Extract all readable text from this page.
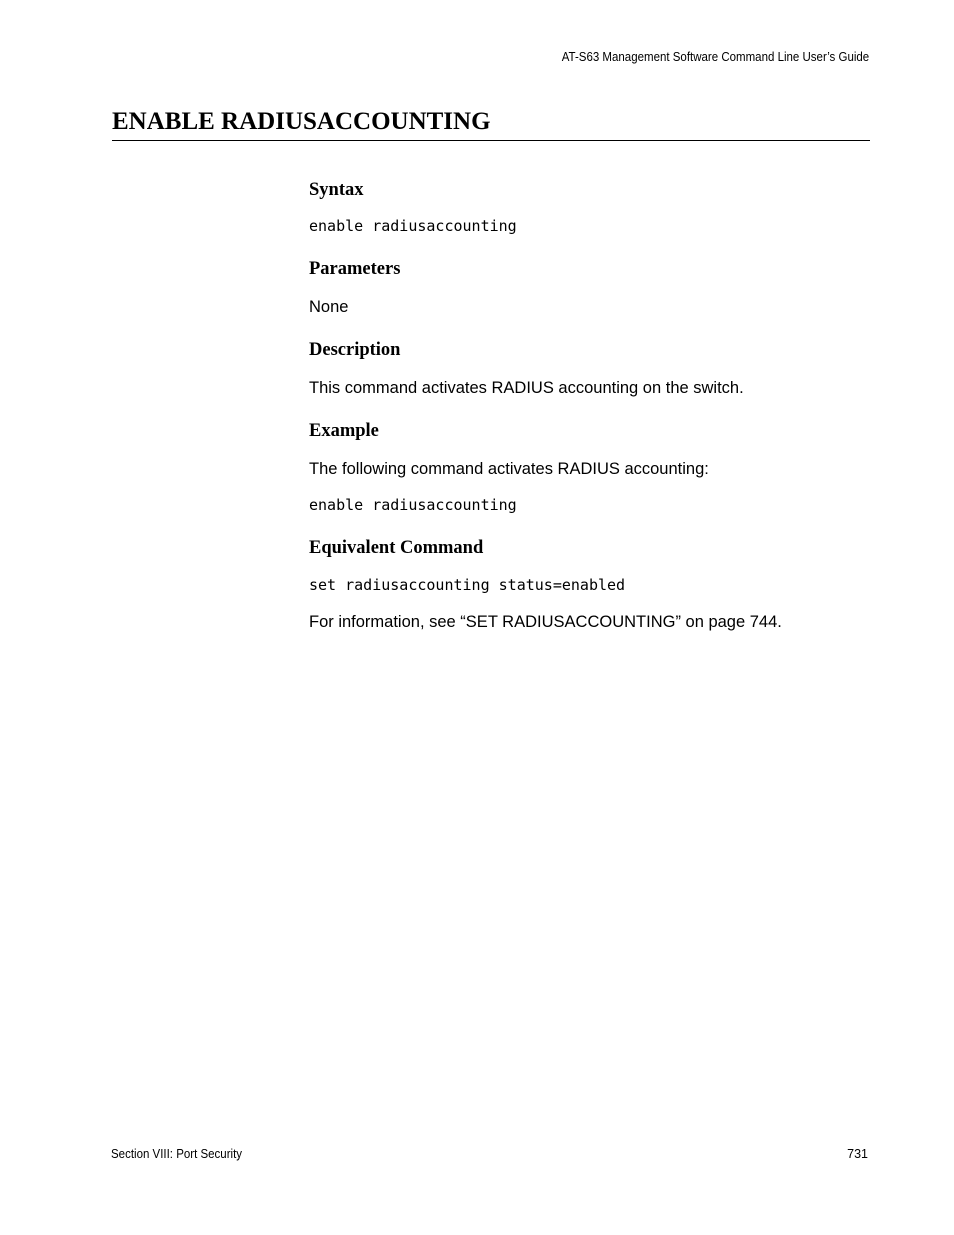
AT-S63 Management Software Command Line User’s Guide
ENABLE RADIUSACCOUNTING
Syntax
enable radiusaccounting
Parameters

None

Description

This command activates RADIUS accounting on the switch.

Example

The following command activates RADIUS accounting:

enable radiusaccounting
Equivalent Command
set radiusaccounting status=enabled

For information, see “SET RADIUSACCOUNTING” on page 744.

Section VIII: Port Security	731
